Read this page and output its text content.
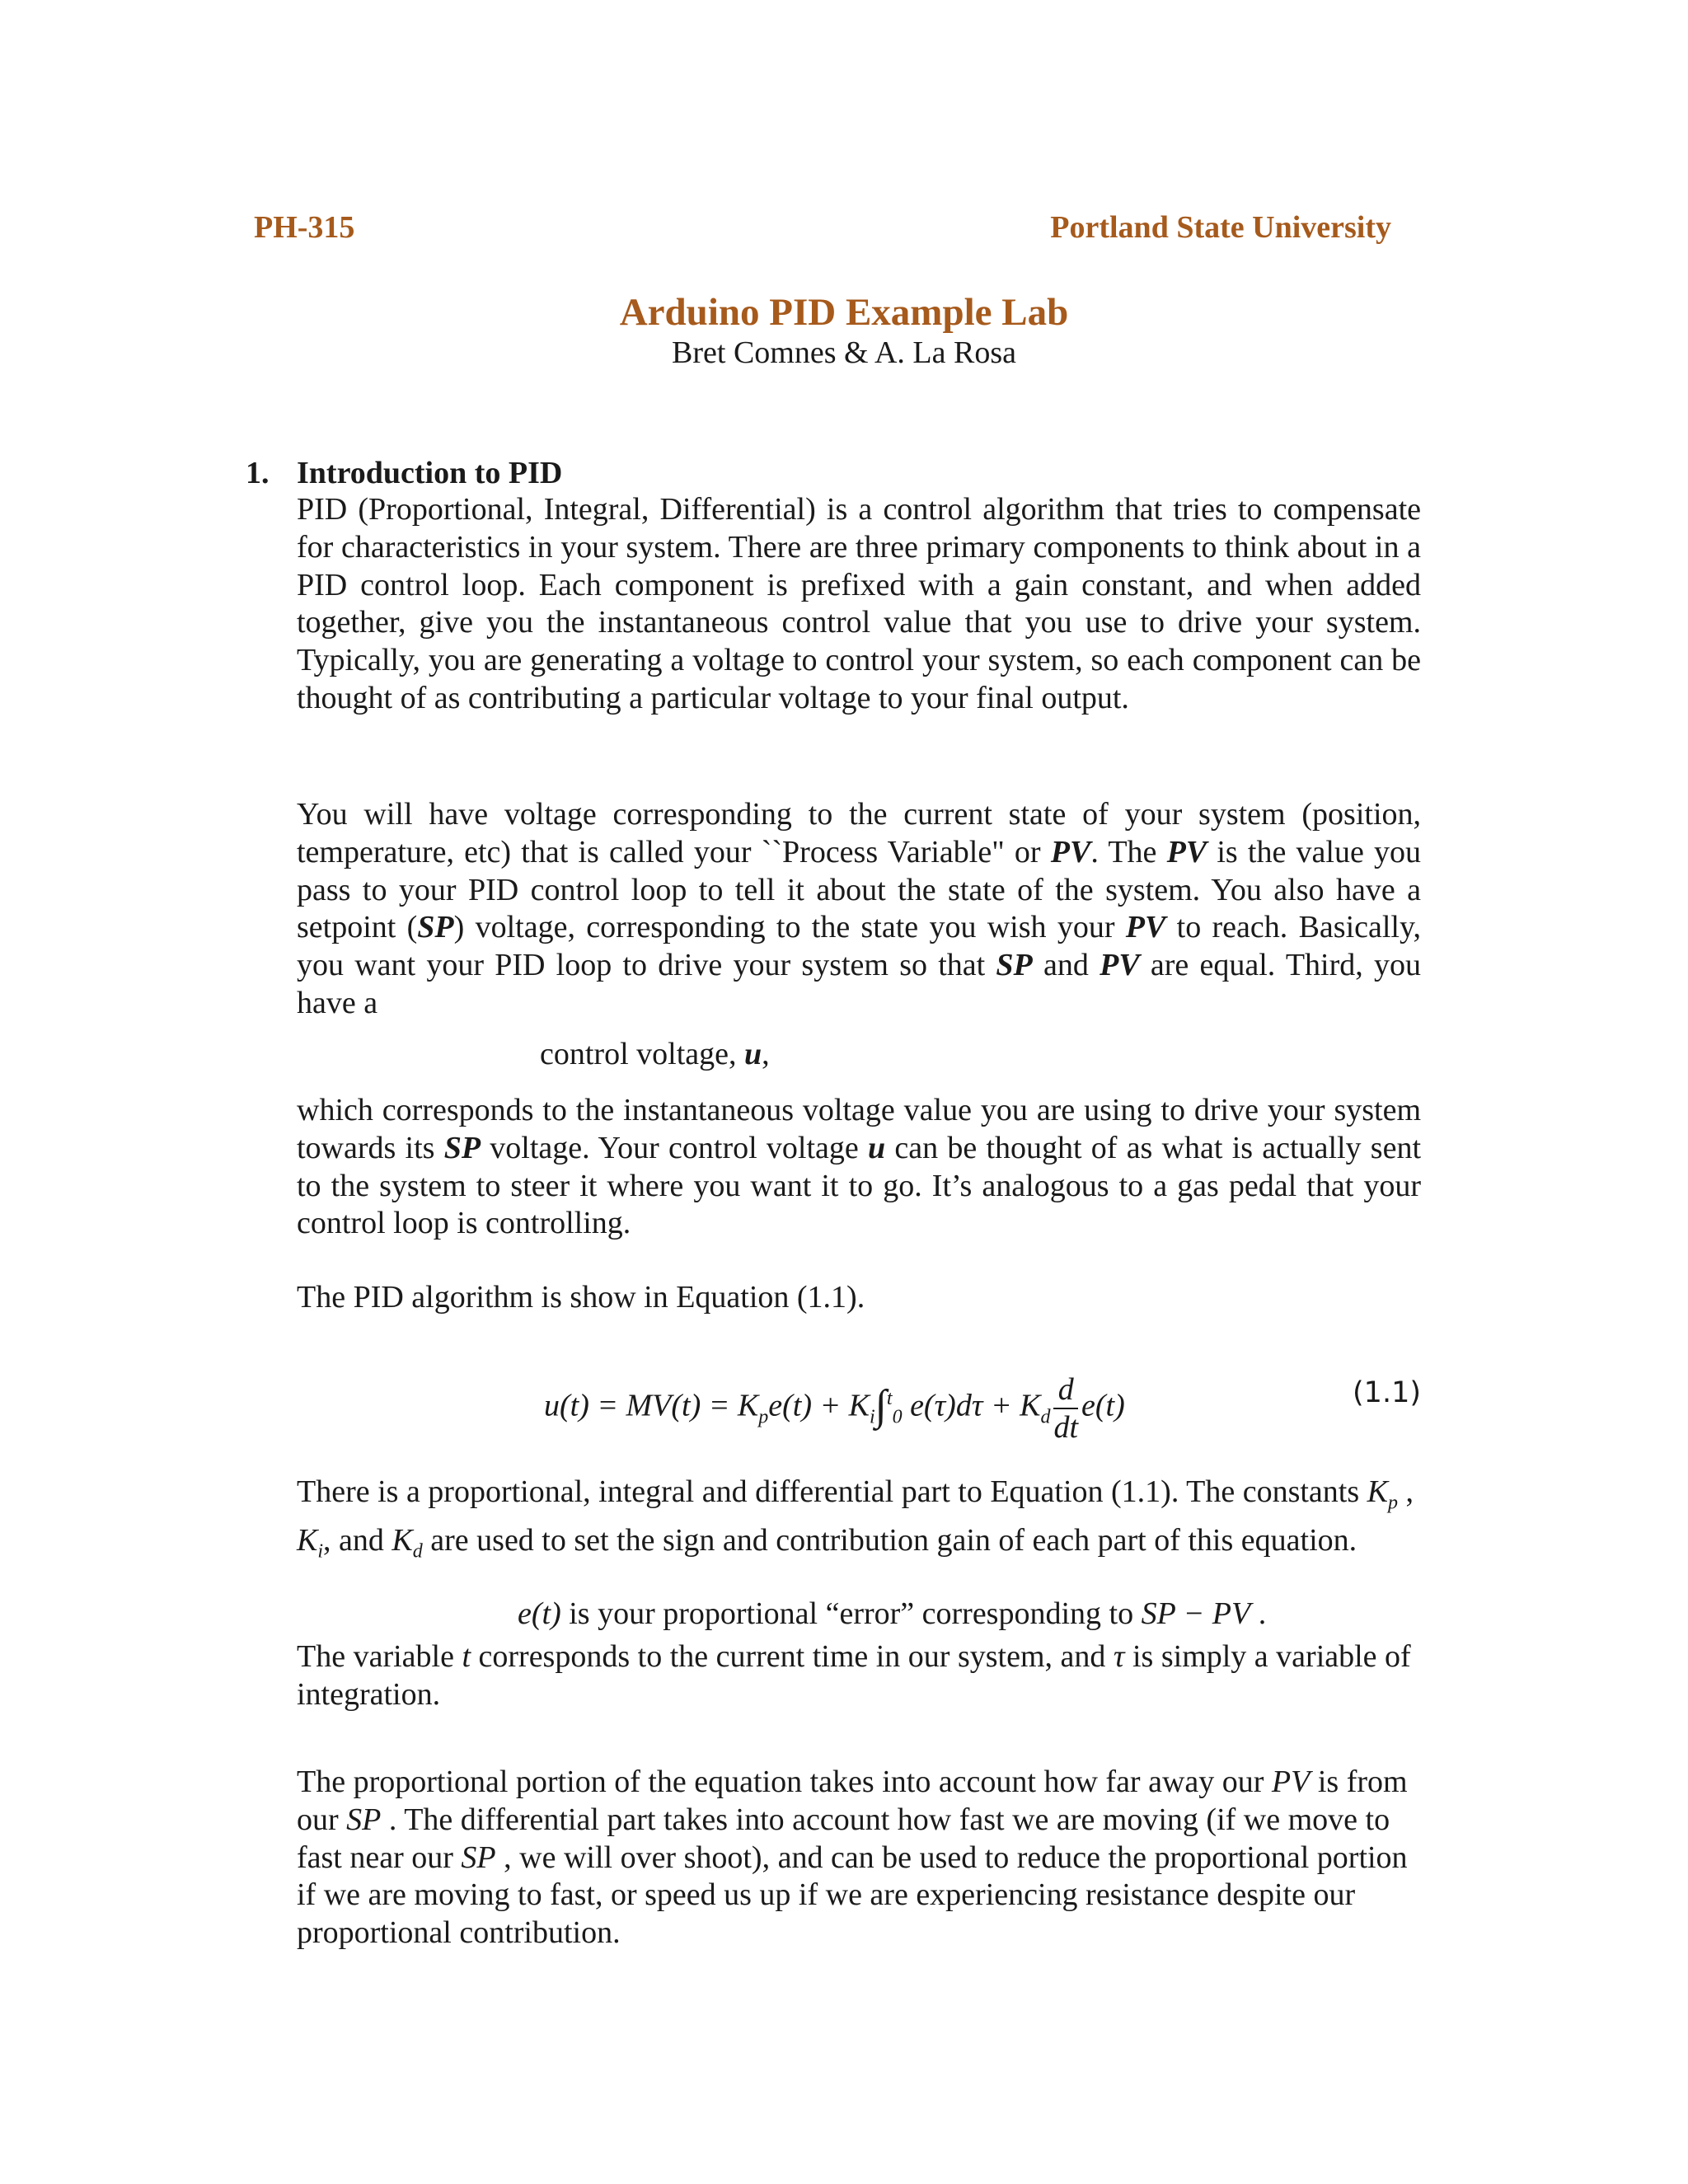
PH-315	Portland State University
Arduino PID Example Lab
Bret Comnes & A. La Rosa
1. Introduction to PID
PID (Proportional, Integral, Differential) is a control algorithm that tries to compensate for characteristics in your system. There are three primary components to think about in a PID control loop. Each component is prefixed with a gain constant, and when added together, give you the instantaneous control value that you use to drive your system. Typically, you are generating a voltage to control your system, so each component can be thought of as contributing a particular voltage to your final output.
You will have voltage corresponding to the current state of your system (position, temperature, etc) that is called your ``Process Variable" or PV. The PV is the value you pass to your PID control loop to tell it about the state of the system. You also have a setpoint (SP) voltage, corresponding to the state you wish your PV to reach. Basically, you want your PID loop to drive your system so that SP and PV are equal. Third, you have a
control voltage, u,
which corresponds to the instantaneous voltage value you are using to drive your system towards its SP voltage. Your control voltage u can be thought of as what is actually sent to the system to steer it where you want it to go. It’s analogous to a gas pedal that your control loop is controlling.
The PID algorithm is show in Equation (1.1).
$u(t) = MV(t) = K_pe(t) + K_i\int^t_0$ $e(\tau)d\tau + K_d \frac{d}{dt} e(t)$	(1.1)
There is a proportional, integral and differential part to Equation (1.1). The constants $K_p$ , $K_i$, and $K_d$ are used to set the sign and contribution gain of each part of this equation.
e(t) is your proportional “error” corresponding to SP − PV .
The variable t corresponds to the current time in our system, and τ is simply a variable of integration.
The proportional portion of the equation takes into account how far away our PV is from our SP . The differential part takes into account how fast we are moving (if we move to fast near our SP , we will over shoot), and can be used to reduce the proportional portion if we are moving to fast, or speed us up if we are experiencing resistance despite our proportional contribution.
